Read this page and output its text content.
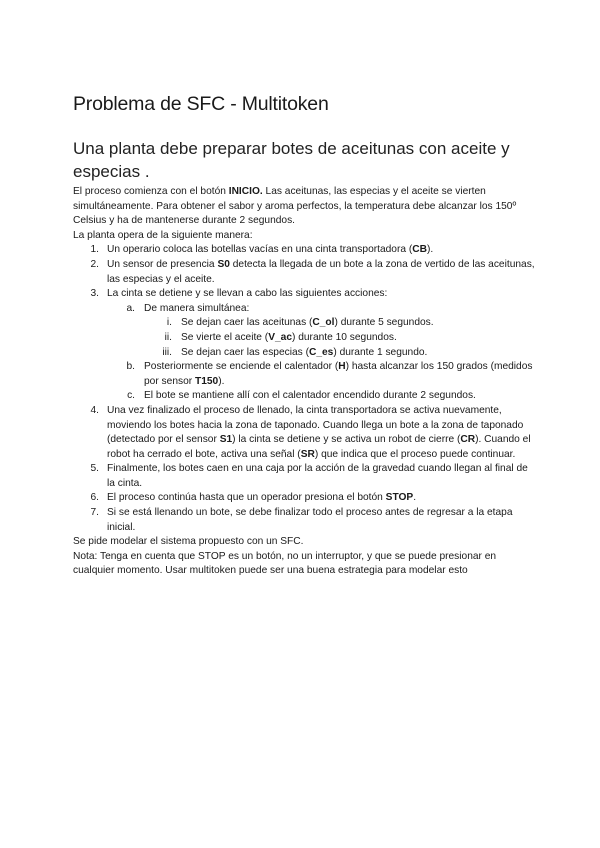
Problema de SFC - Multitoken
Una planta debe preparar botes de aceitunas con aceite y especias .

El proceso comienza con el botón INICIO. Las aceitunas, las especias y el aceite se vierten simultáneamente. Para obtener el sabor y aroma perfectos, la temperatura debe alcanzar los 150º Celsius y ha de mantenerse durante 2 segundos.

La planta opera de la siguiente manera:

1. Un operario coloca las botellas vacías en una cinta transportadora (CB).
2. Un sensor de presencia S0 detecta la llegada de un bote a la zona de vertido de las aceitunas, las especias y el aceite.
3. La cinta se detiene y se llevan a cabo las siguientes acciones:
a. De manera simultánea:
i. Se dejan caer las aceitunas (C_ol) durante 5 segundos.
ii. Se vierte el aceite (V_ac) durante 10 segundos.
iii. Se dejan caer las especias (C_es) durante 1 segundo.
b. Posteriormente se enciende el calentador (H) hasta alcanzar los 150 grados (medidos por sensor T150).
c. El bote se mantiene allí con el calentador encendido durante 2 segundos.
4. Una vez finalizado el proceso de llenado, la cinta transportadora se activa nuevamente, moviendo los botes hacia la zona de taponado. Cuando llega un bote a la zona de taponado (detectado por el sensor S1) la cinta se detiene y se activa un robot de cierre (CR). Cuando el robot ha cerrado el bote, activa una señal (SR) que indica que el proceso puede continuar.
5. Finalmente, los botes caen en una caja por la acción de la gravedad cuando llegan al final de la cinta.
6. El proceso continúa hasta que un operador presiona el botón STOP.
7. Si se está llenando un bote, se debe finalizar todo el proceso antes de regresar a la etapa inicial.

Se pide modelar el sistema propuesto con un SFC.

Nota: Tenga en cuenta que STOP es un botón, no un interruptor, y que se puede presionar en cualquier momento. Usar multitoken puede ser una buena estrategia para modelar esto
